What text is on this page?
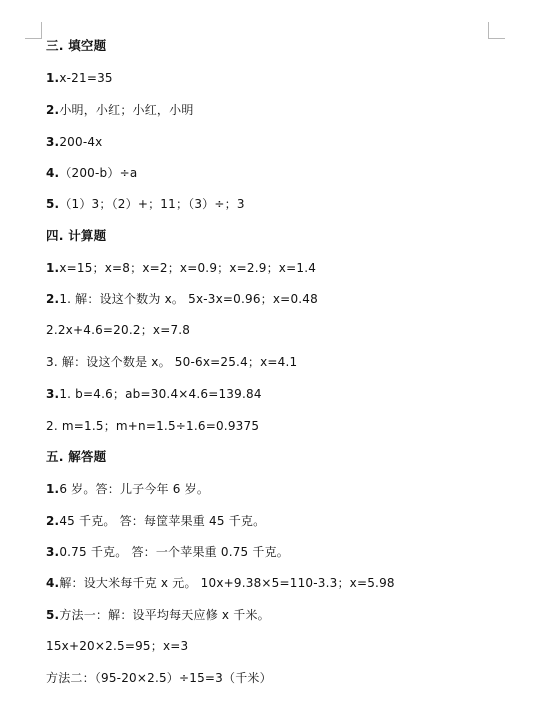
三. 填空题
1.x-21=35
2.小明，小红；小红，小明
3.200-4x
4.（200-b）÷a
5.（1）3；（2）+；11；（3）÷；3
四. 计算题
1.x=15；x=8；x=2；x=0.9；x=2.9；x=1.4
2.1. 解：设这个数为 x。 5x-3x=0.96；x=0.48
2.2x+4.6=20.2；x=7.8
3. 解：设这个数是 x。 50-6x=25.4；x=4.1
3.1. b=4.6；ab=30.4×4.6=139.84
2. m=1.5；m+n=1.5÷1.6=0.9375
五. 解答题
1.6 岁。答：儿子今年 6 岁。
2.45 千克。 答：每筐苹果重 45 千克。
3.0.75 千克。 答：一个苹果重 0.75 千克。
4.解：设大米每千克 x 元。 10x+9.38×5=110-3.3；x=5.98
5.方法一：解：设平均每天应修 x 千米。
15x+20×2.5=95；x=3
方法二：（95-20×2.5）÷15=3（千米）
